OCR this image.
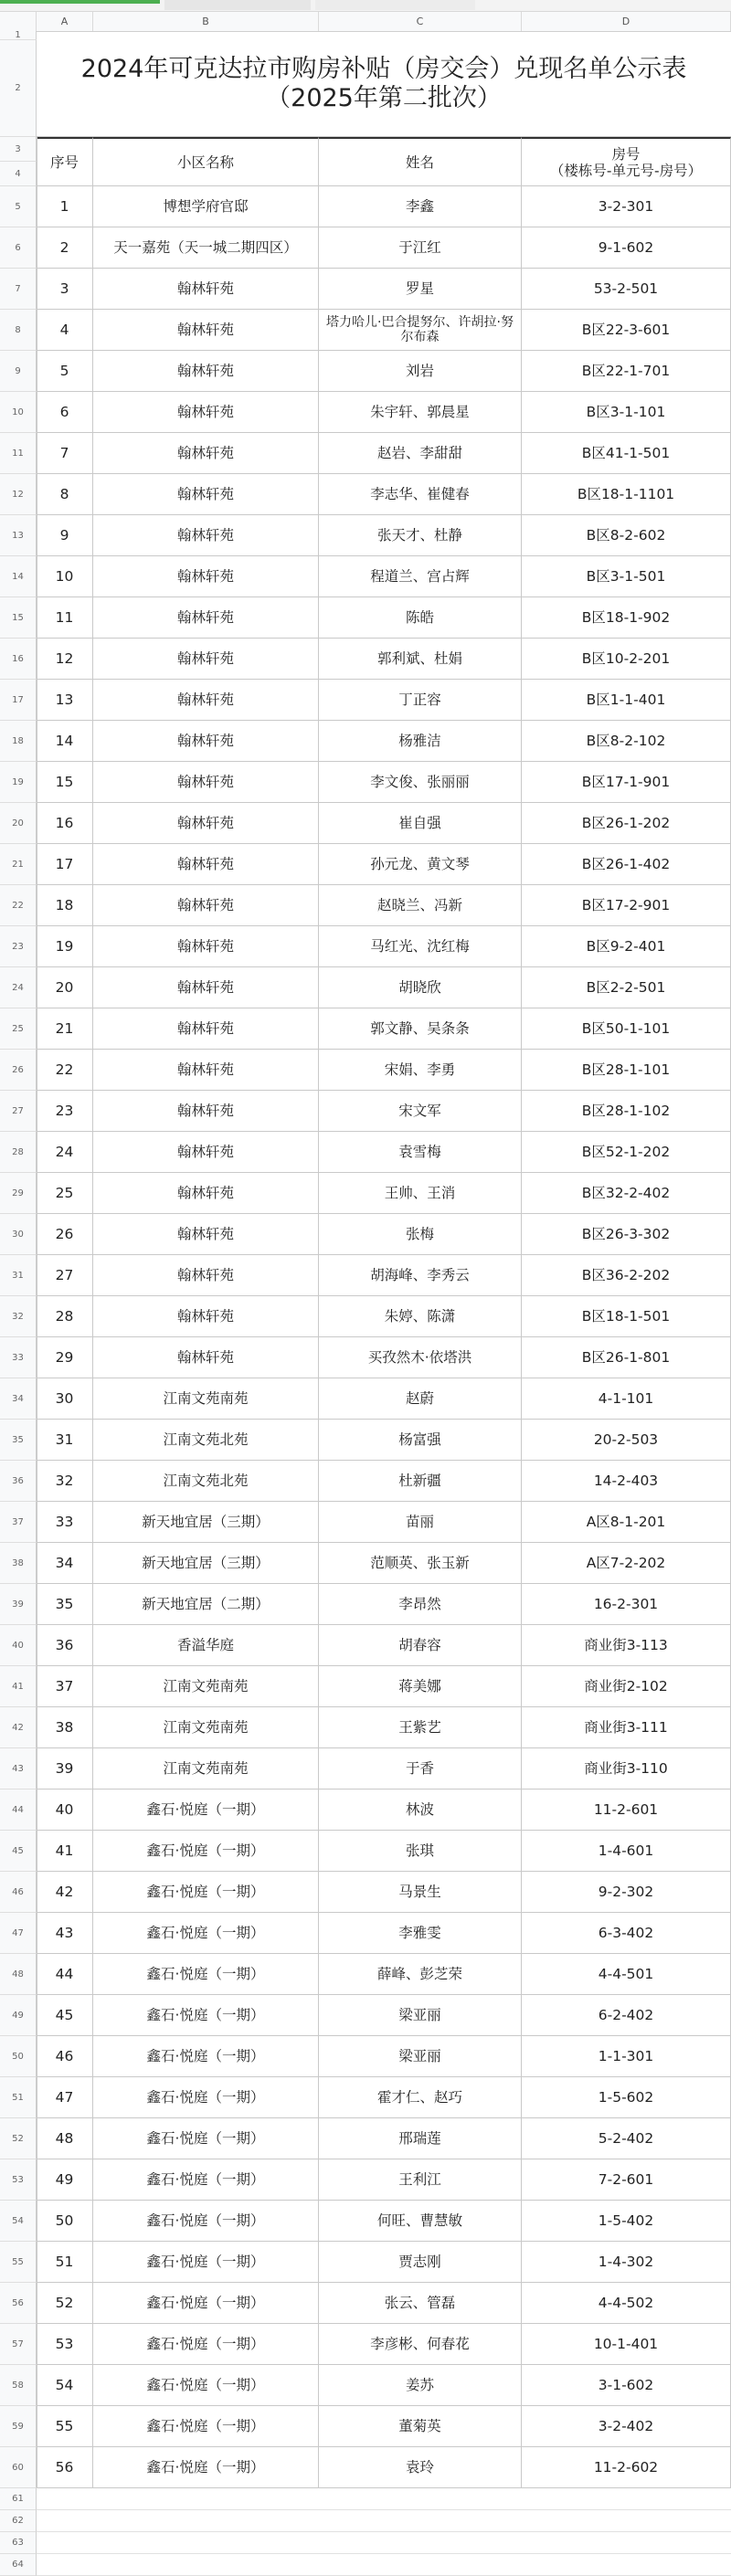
A	B	C	D
1
2
3
4
5
6
7
8
9
10
11
12
13
14
15
16
17
18
19
20
21
22
23
24
25
26
27
28
29
30
31
32
33
34
35
36
37
38
39
40
41
42
43
44
45
46
47
48
49
50
51
52
53
54
55
56
57
58
59
60
61
62
63
64
2024年可克达拉市购房补贴（房交会）兑现名单公示表（2025年第二批次）
序号	小区名称	姓名	房号
（楼栋号-单元号-房号）
1	博想学府官邸	李鑫	3-2-301
2	天一嘉苑（天一城二期四区）	于江红	9-1-602
3	翰林轩苑	罗星	53-2-501
4	翰林轩苑	塔力哈儿·巴合提努尔、许胡拉·努尔布森	B区22-3-601
5	翰林轩苑	刘岩	B区22-1-701
6	翰林轩苑	朱宇轩、郭晨星	B区3-1-101
7	翰林轩苑	赵岩、李甜甜	B区41-1-501
8	翰林轩苑	李志华、崔健春	B区18-1-1101
9	翰林轩苑	张天才、杜静	B区8-2-602
10	翰林轩苑	程道兰、宫占辉	B区3-1-501
11	翰林轩苑	陈皓	B区18-1-902
12	翰林轩苑	郭利斌、杜娟	B区10-2-201
13	翰林轩苑	丁正容	B区1-1-401
14	翰林轩苑	杨雅洁	B区8-2-102
15	翰林轩苑	李文俊、张丽丽	B区17-1-901
16	翰林轩苑	崔自强	B区26-1-202
17	翰林轩苑	孙元龙、黄文琴	B区26-1-402
18	翰林轩苑	赵晓兰、冯新	B区17-2-901
19	翰林轩苑	马红光、沈红梅	B区9-2-401
20	翰林轩苑	胡晓欣	B区2-2-501
21	翰林轩苑	郭文静、吴条条	B区50-1-101
22	翰林轩苑	宋娟、李勇	B区28-1-101
23	翰林轩苑	宋文军	B区28-1-102
24	翰林轩苑	袁雪梅	B区52-1-202
25	翰林轩苑	王帅、王消	B区32-2-402
26	翰林轩苑	张梅	B区26-3-302
27	翰林轩苑	胡海峰、李秀云	B区36-2-202
28	翰林轩苑	朱婷、陈潇	B区18-1-501
29	翰林轩苑	买孜然木·依塔洪	B区26-1-801
30	江南文苑南苑	赵蔚	4-1-101
31	江南文苑北苑	杨富强	20-2-503
32	江南文苑北苑	杜新疆	14-2-403
33	新天地宜居（三期）	苗丽	A区8-1-201
34	新天地宜居（三期）	范顺英、张玉新	A区7-2-202
35	新天地宜居（二期）	李昂然	16-2-301
36	香溢华庭	胡春容	商业街3-113
37	江南文苑南苑	蒋美娜	商业街2-102
38	江南文苑南苑	王紫艺	商业街3-111
39	江南文苑南苑	于香	商业街3-110
40	鑫石·悦庭（一期）	林波	11-2-601
41	鑫石·悦庭（一期）	张琪	1-4-601
42	鑫石·悦庭（一期）	马景生	9-2-302
43	鑫石·悦庭（一期）	李雅雯	6-3-402
44	鑫石·悦庭（一期）	薛峰、彭芝荣	4-4-501
45	鑫石·悦庭（一期）	梁亚丽	6-2-402
46	鑫石·悦庭（一期）	梁亚丽	1-1-301
47	鑫石·悦庭（一期）	霍才仁、赵巧	1-5-602
48	鑫石·悦庭（一期）	邢瑞莲	5-2-402
49	鑫石·悦庭（一期）	王利江	7-2-601
50	鑫石·悦庭（一期）	何旺、曹慧敏	1-5-402
51	鑫石·悦庭（一期）	贾志刚	1-4-302
52	鑫石·悦庭（一期）	张云、管磊	4-4-502
53	鑫石·悦庭（一期）	李彦彬、何春花	10-1-401
54	鑫石·悦庭（一期）	姜苏	3-1-602
55	鑫石·悦庭（一期）	董菊英	3-2-402
56	鑫石·悦庭（一期）	袁玲	11-2-602
